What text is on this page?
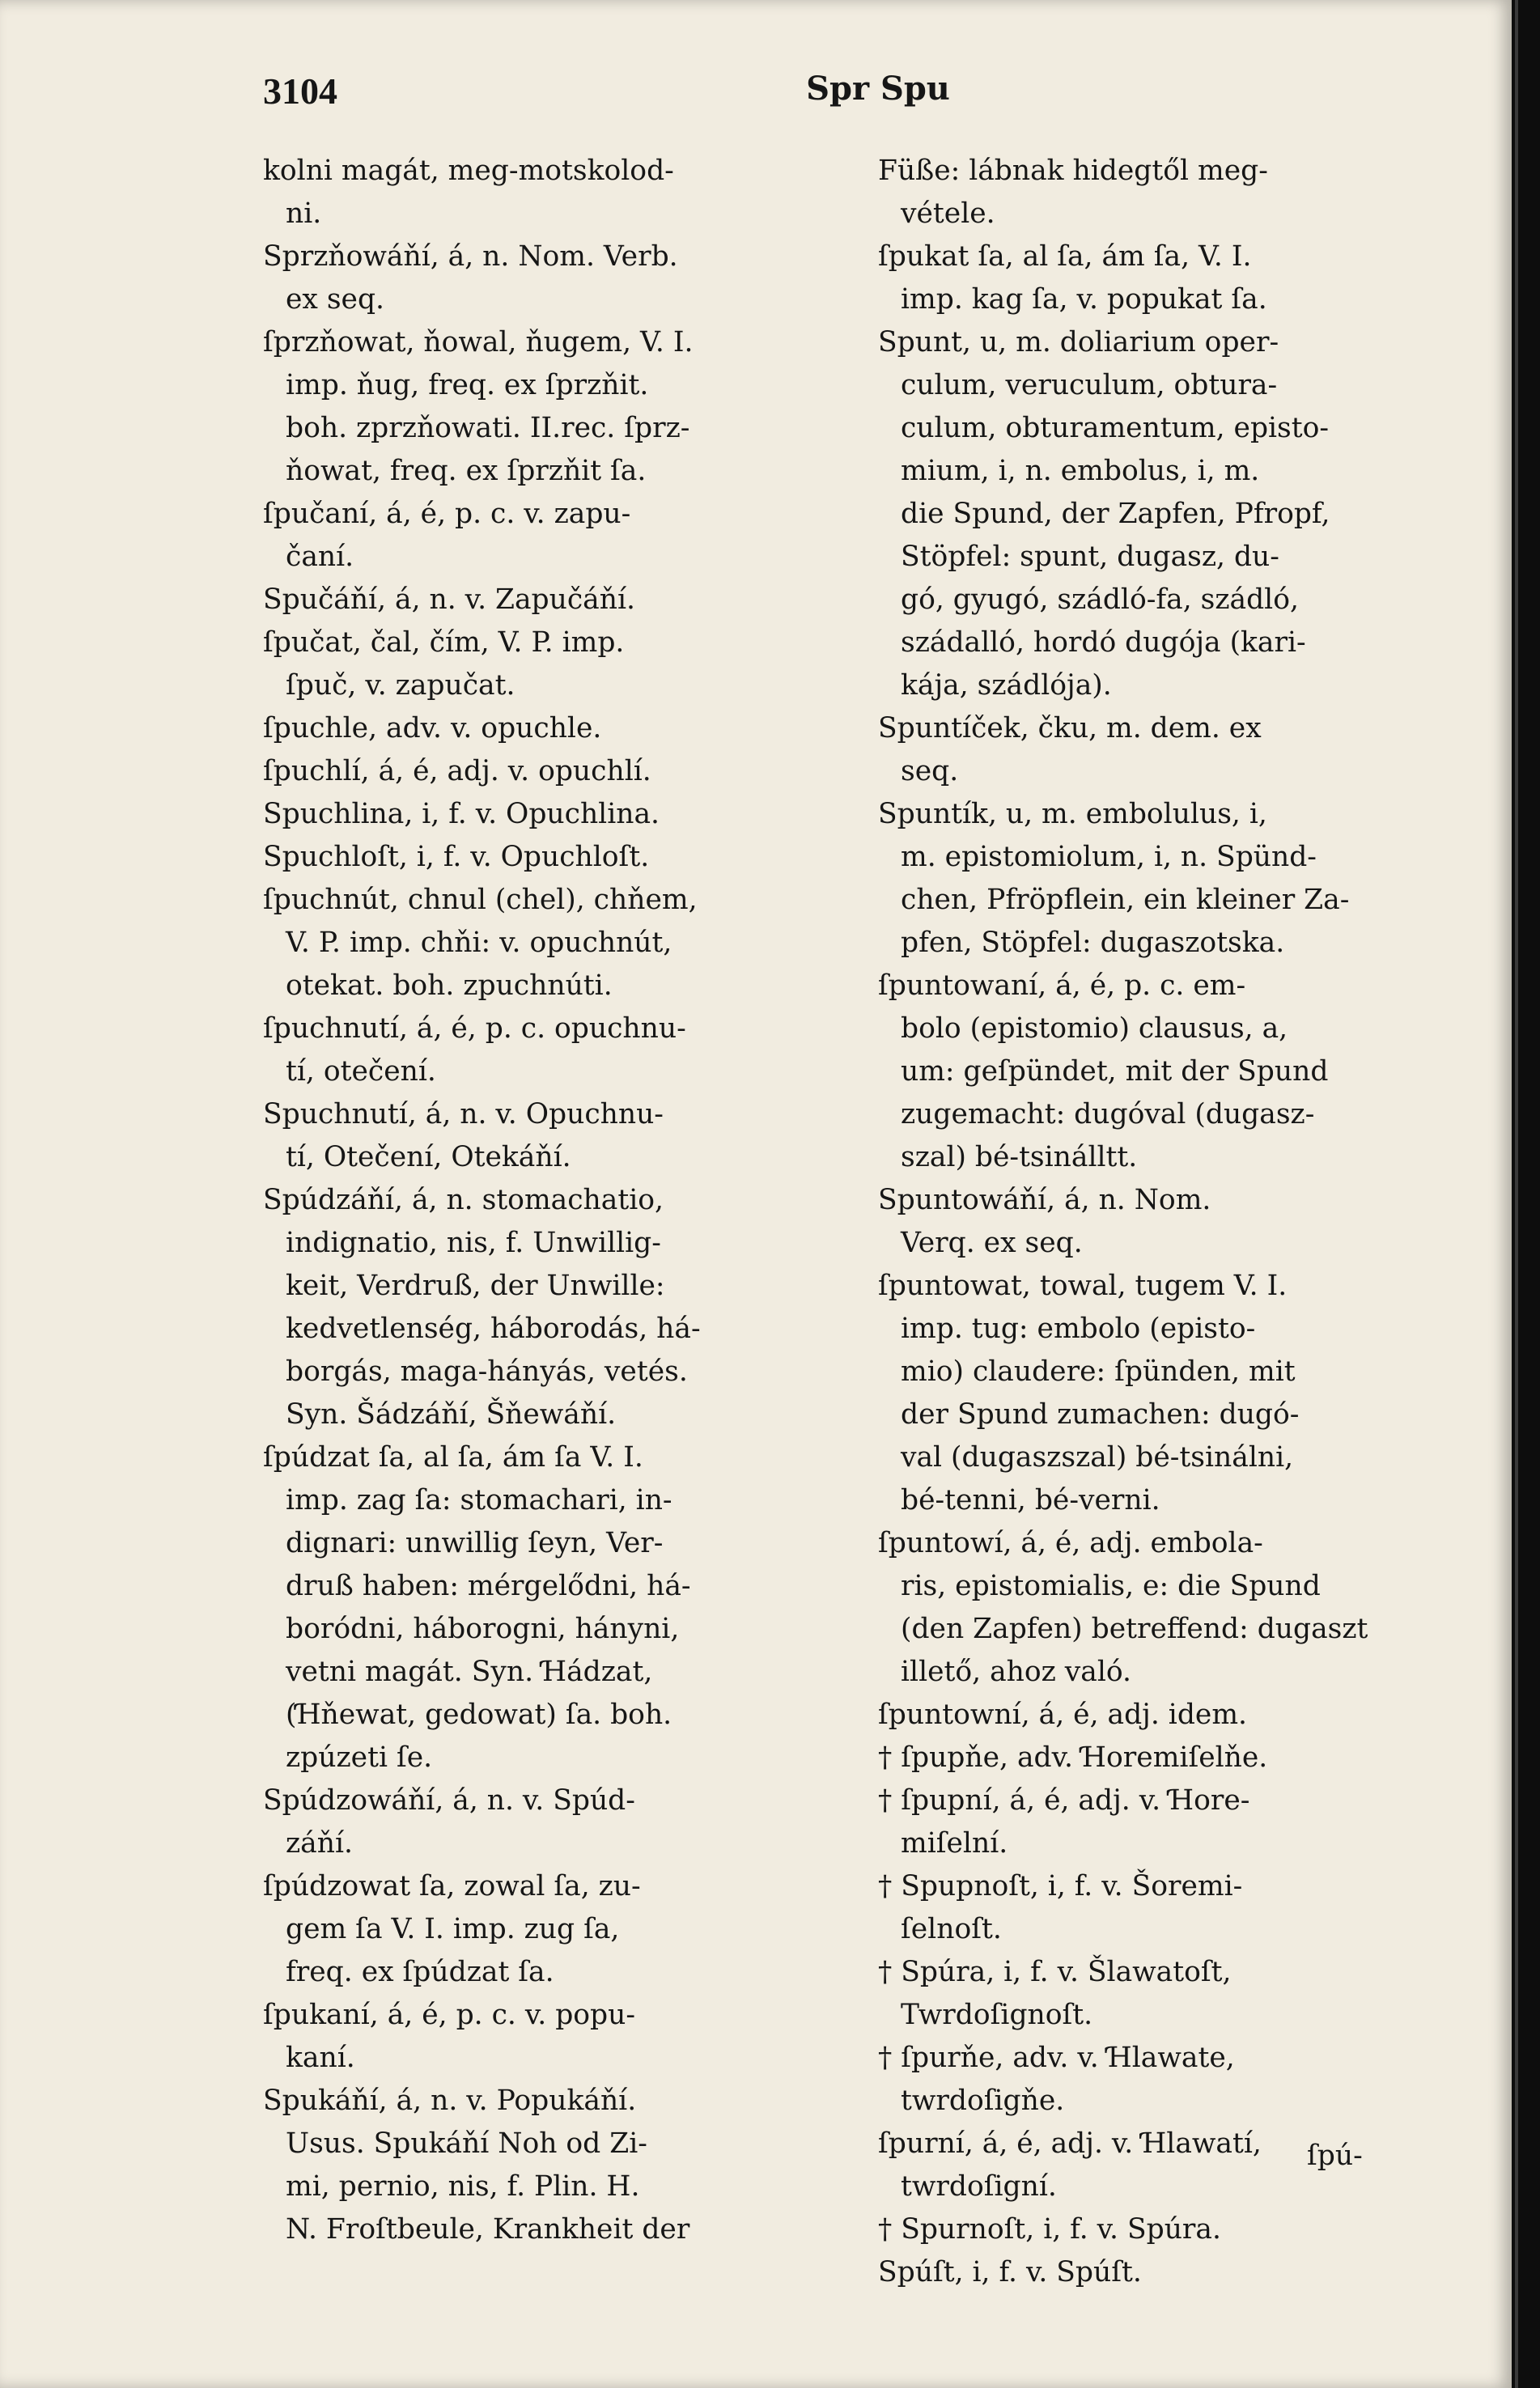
3104	Spr Spu
kolni magát, meg-motskolod-
ni.
Sprzňowáňí, á, n. Nom. Verb.
ex seq.
ſprzňowat, ňowal, ňugem, V. I.
imp. ňug, freq. ex ſprzňit.
boh. zprzňowati. II.rec. ſprz-
ňowat, freq. ex ſprzňit ſa.
ſpučaní, á, é, p. c. v. zapu-
čaní.
Spučáňí, á, n. v. Zapučáňí.
ſpučat, čal, čím, V. P. imp.
ſpuč, v. zapučat.
ſpuchle, adv. v. opuchle.
ſpuchlí, á, é, adj. v. opuchlí.
Spuchlina, i, f. v. Opuchlina.
Spuchloſt, i, f. v. Opuchloſt.
ſpuchnút, chnul (chel), chňem,
V. P. imp. chňi: v. opuchnút,
otekat. boh. zpuchnúti.
ſpuchnutí, á, é, p. c. opuchnu-
tí, otečení.
Spuchnutí, á, n. v. Opuchnu-
tí, Otečení, Otekáňí.
Spúdzáňí, á, n. stomachatio,
indignatio, nis, f. Unwillig-
keit, Verdruß, der Unwille:
kedvetlenség, háborodás, há-
borgás, maga-hányás, vetés.
Syn. Šádzáňí, Šňewáňí.
ſpúdzat ſa, al ſa, ám ſa V. I.
imp. zag ſa: stomachari, in-
dignari: unwillig ſeyn, Ver-
druß haben: mérgelődni, há-
boródni, háborogni, hányni,
vetni magát. Syn. Ɦádzat,
(Ɦňewat, gedowat) ſa. boh.
zpúzeti ſe.
Spúdzowáňí, á, n. v. Spúd-
záňí.
ſpúdzowat ſa, zowal ſa, zu-
gem ſa V. I. imp. zug ſa,
freq. ex ſpúdzat ſa.
ſpukaní, á, é, p. c. v. popu-
kaní.
Spukáňí, á, n. v. Popukáňí.
Usus. Spukáňí Noh od Zi-
mi, pernio, nis, f. Plin. H.
N. Froſtbeule, Krankheit der
Füße: lábnak hidegtől meg-
vétele.
ſpukat ſa, al ſa, ám ſa, V. I.
imp. kag ſa, v. popukat ſa.
Spunt, u, m. doliarium oper-
culum, veruculum, obtura-
culum, obturamentum, episto-
mium, i, n. embolus, i, m.
die Spund, der Zapfen, Pfropf,
Stöpfel: spunt, dugasz, du-
gó, gyugó, szádló-fa, szádló,
szádalló, hordó dugója (kari-
kája, szádlója).
Spuntíček, čku, m. dem. ex
seq.
Spuntík, u, m. embolulus, i,
m. epistomiolum, i, n. Spünd-
chen, Pfröpflein, ein kleiner Za-
pfen, Stöpfel: dugaszotska.
ſpuntowaní, á, é, p. c. em-
bolo (epistomio) clausus, a,
um: geſpündet, mit der Spund
zugemacht: dugóval (dugasz-
szal) bé-tsinálltt.
Spuntowáňí, á, n. Nom.
Verq. ex seq.
ſpuntowat, towal, tugem V. I.
imp. tug: embolo (episto-
mio) claudere: ſpünden, mit
der Spund zumachen: dugó-
val (dugaszszal) bé-tsinálni,
bé-tenni, bé-verni.
ſpuntowí, á, é, adj. embola-
ris, epistomialis, e: die Spund
(den Zapfen) betreffend: dugaszt
illető, ahoz való.
ſpuntowní, á, é, adj. idem.
† ſpupňe, adv. Ɦoremiſelňe.
† ſpupní, á, é, adj. v. Ɦore-
miſelní.
† Spupnoſt, i, f. v. Šoremi-
ſelnoſt.
† Spúra, i, f. v. Šlawatoſt,
Twrdoſignoſt.
† ſpurňe, adv. v. Ɦlawate,
twrdoſigňe.
ſpurní, á, é, adj. v. Ɦlawatí,
twrdoſigní.
† Spurnoſt, i, f. v. Spúra.
Spúſt, i, f. v. Spúſt.
ſpú-
